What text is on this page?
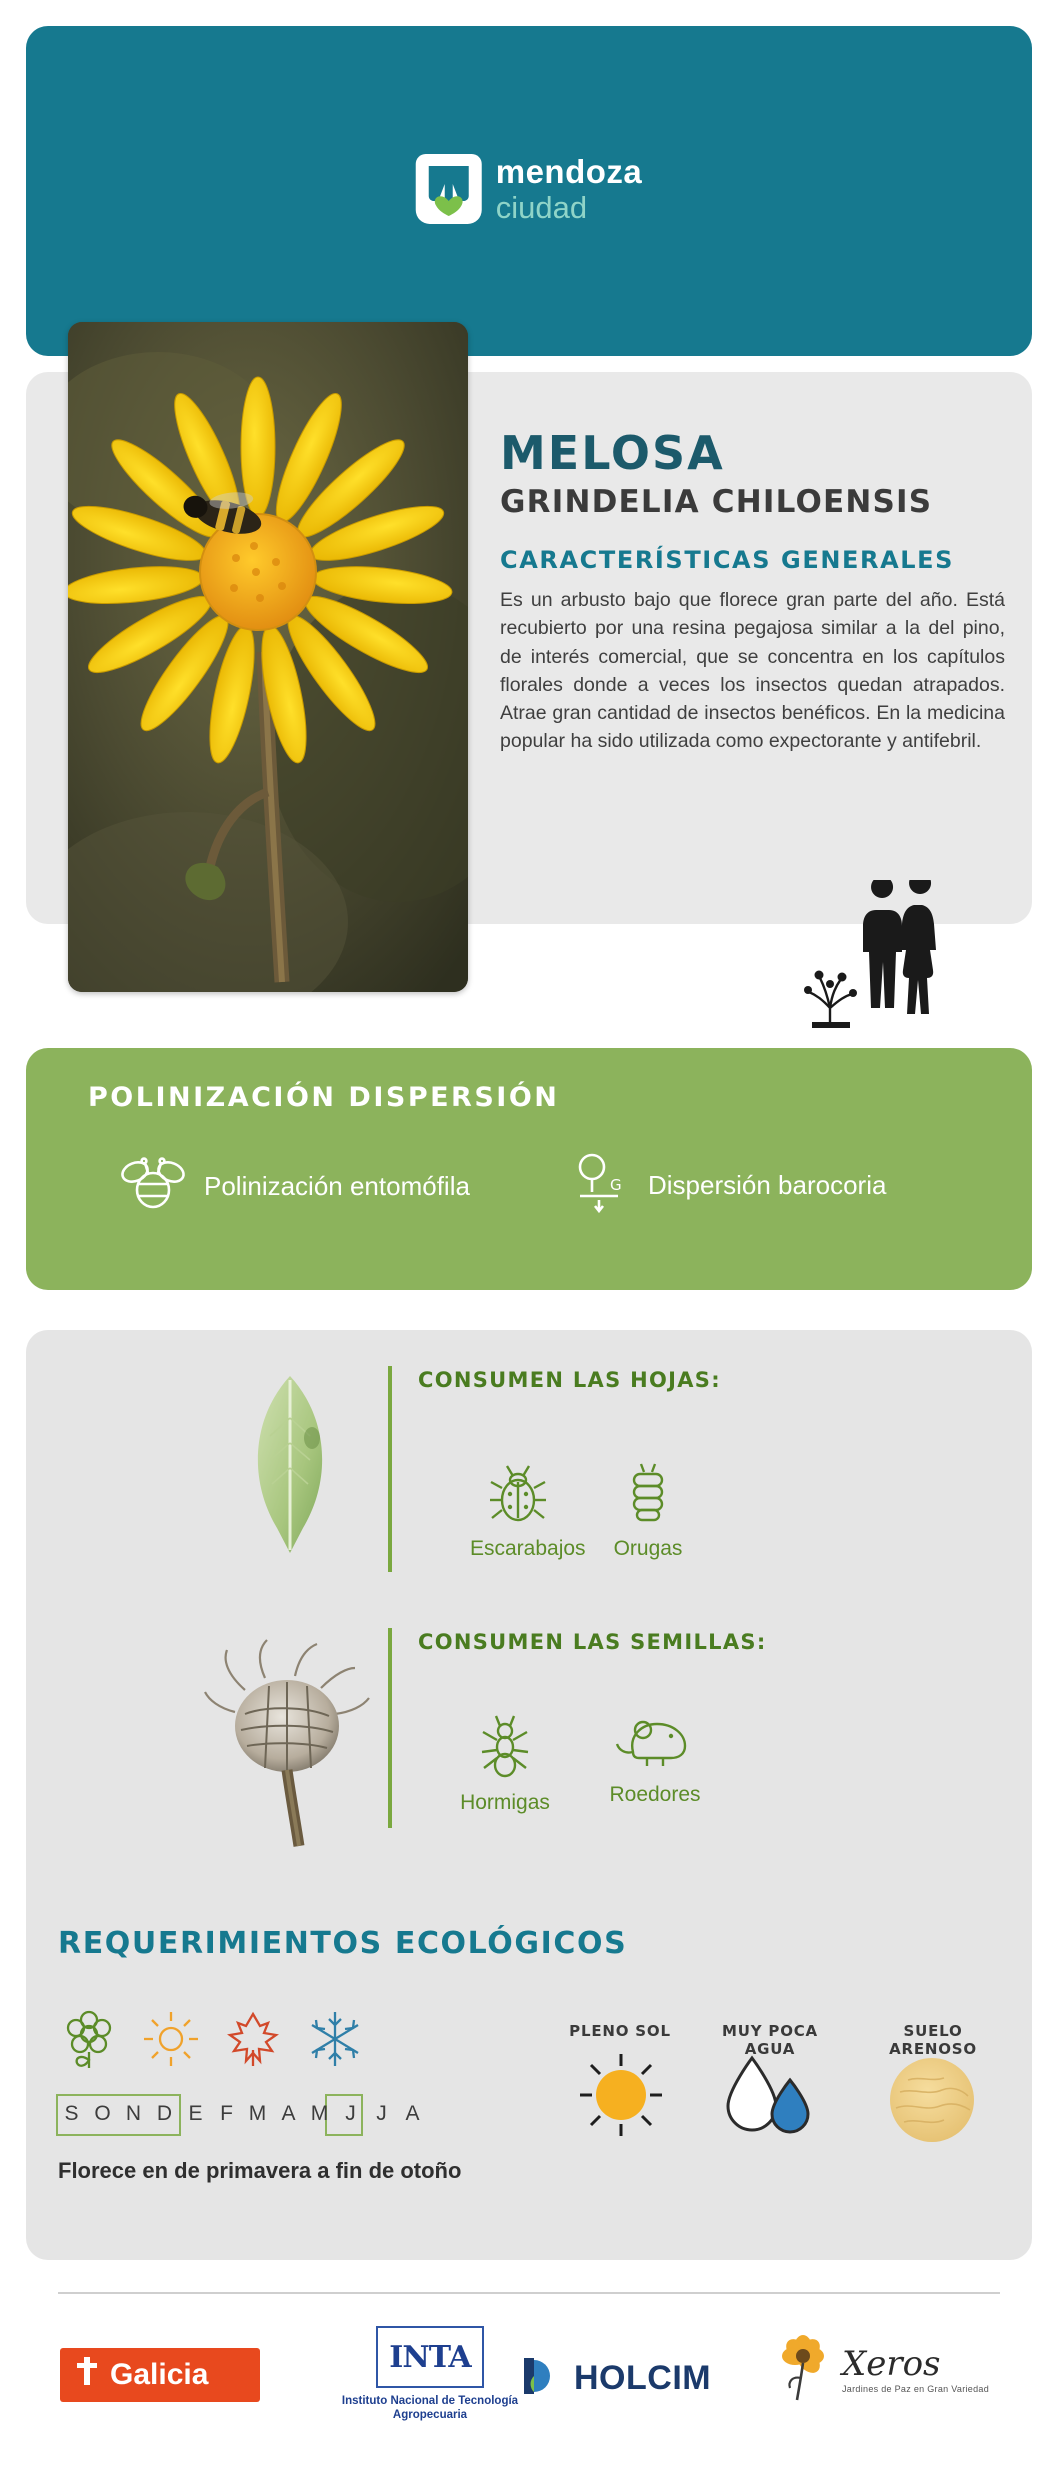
mendoza
ciudad
MELOSA
GRINDELIA CHILOENSIS
CARACTERÍSTICAS GENERALES
Es un arbusto bajo que florece gran parte del año. Está recubierto por una resina pegajosa similar a la del pino, de interés comercial, que se concentra en los capítulos florales donde a veces los insectos quedan atrapados. Atrae gran cantidad de insectos benéficos. En la medicina popular ha sido utilizada como expectorante y antifebril.
POLINIZACIÓN DISPERSIÓN
Polinización entomófila	G Dispersión barocoria
CONSUMEN LAS HOJAS:
Escarabajos	Orugas
CONSUMEN LAS SEMILLAS:
Hormigas	Roedores
REQUERIMIENTOS ECOLÓGICOS
S O N D E F M A M J J A
Florece en de primavera a fin de otoño
PLENO SOL	MUY POCA AGUA
SUELO ARENOSO
Galicia	INTA
Instituto Nacional de Tecnología Agropecuaria
HOLCIM	Xeros
Jardines de Paz en Gran Variedad
